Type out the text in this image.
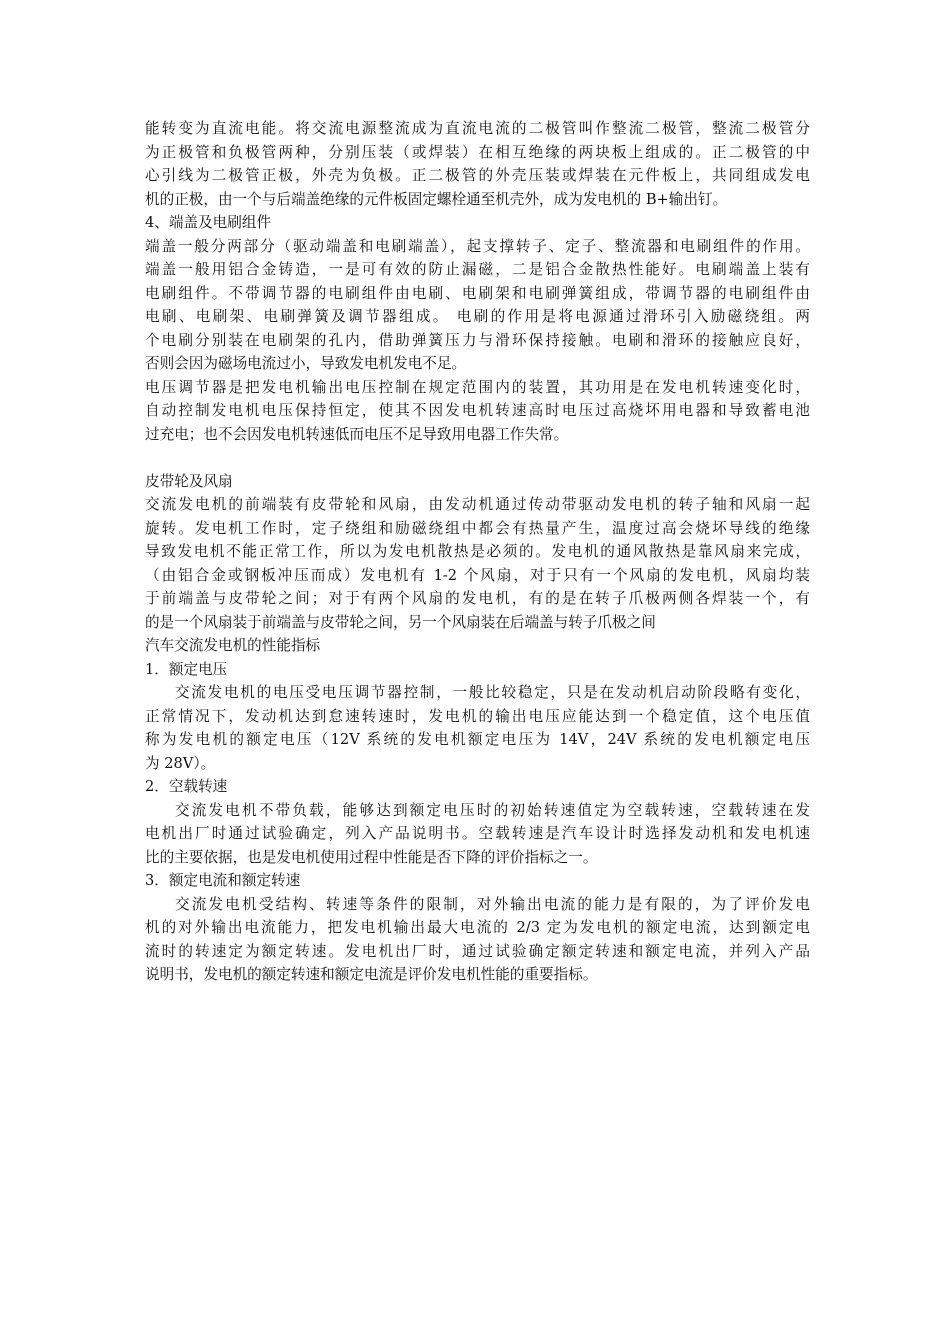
能转变为直流电能。将交流电源整流成为直流电流的二极管叫作整流二极管，整流二极管分
为正极管和负极管两种，分别压装（或焊装）在相互绝缘的两块板上组成的。正二极管的中
心引线为二极管正极，外壳为负极。正二极管的外壳压装或焊装在元件板上，共同组成发电
机的正极，由一个与后端盖绝缘的元件板固定螺栓通至机壳外，成为发电机的 B+输出钉。
4、端盖及电刷组件
端盖一般分两部分（驱动端盖和电刷端盖），起支撑转子、定子、整流器和电刷组件的作用。
端盖一般用铝合金铸造，一是可有效的防止漏磁，二是铝合金散热性能好。电刷端盖上装有
电刷组件。不带调节器的电刷组件由电刷、电刷架和电刷弹簧组成，带调节器的电刷组件由
电刷、电刷架、电刷弹簧及调节器组成。 电刷的作用是将电源通过滑环引入励磁绕组。两
个电刷分别装在电刷架的孔内，借助弹簧压力与滑环保持接触。电刷和滑环的接触应良好，
否则会因为磁场电流过小，导致发电机发电不足。
电压调节器是把发电机输出电压控制在规定范围内的装置，其功用是在发电机转速变化时，
自动控制发电机电压保持恒定，使其不因发电机转速高时电压过高烧坏用电器和导致蓄电池
过充电；也不会因发电机转速低而电压不足导致用电器工作失常。
皮带轮及风扇
交流发电机的前端装有皮带轮和风扇，由发动机通过传动带驱动发电机的转子轴和风扇一起
旋转。发电机工作时，定子绕组和励磁绕组中都会有热量产生，温度过高会烧坏导线的绝缘
导致发电机不能正常工作，所以为发电机散热是必须的。发电机的通风散热是靠风扇来完成，
（由铝合金或钢板冲压而成）发电机有 1-2 个风扇，对于只有一个风扇的发电机，风扇均装
于前端盖与皮带轮之间；对于有两个风扇的发电机，有的是在转子爪极两侧各焊装一个，有
的是一个风扇装于前端盖与皮带轮之间，另一个风扇装在后端盖与转子爪极之间
汽车交流发电机的性能指标
1．额定电压
交流发电机的电压受电压调节器控制，一般比较稳定，只是在发动机启动阶段略有变化，
正常情况下，发动机达到怠速转速时，发电机的输出电压应能达到一个稳定值，这个电压值
称为发电机的额定电压（12V 系统的发电机额定电压为 14V，24V 系统的发电机额定电压
为 28V）。
2．空载转速
交流发电机不带负载，能够达到额定电压时的初始转速值定为空载转速，空载转速在发
电机出厂时通过试验确定，列入产品说明书。空载转速是汽车设计时选择发动机和发电机速
比的主要依据，也是发电机使用过程中性能是否下降的评价指标之一。
3．额定电流和额定转速
交流发电机受结构、转速等条件的限制，对外输出电流的能力是有限的，为了评价发电
机的对外输出电流能力，把发电机输出最大电流的 2/3 定为发电机的额定电流，达到额定电
流时的转速定为额定转速。发电机出厂时，通过试验确定额定转速和额定电流，并列入产品
说明书，发电机的额定转速和额定电流是评价发电机性能的重要指标。
